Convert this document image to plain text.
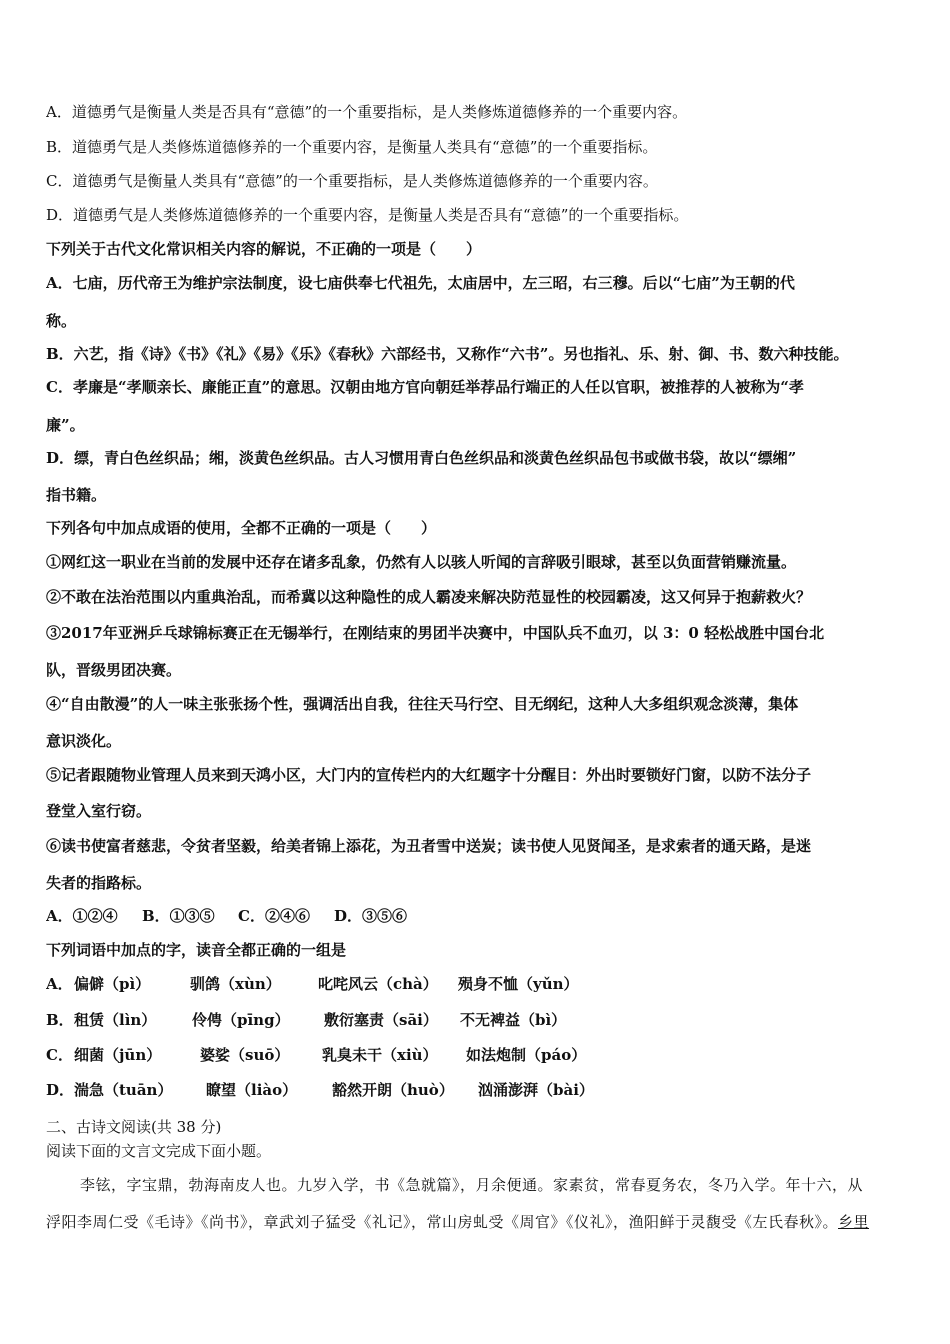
A．道德勇气是衡量人类是否具有“意德”的一个重要指标，是人类修炼道德修养的一个重要内容。
B．道德勇气是人类修炼道德修养的一个重要内容，是衡量人类具有“意德”的一个重要指标。
C．道德勇气是衡量人类具有“意德”的一个重要指标，是人类修炼道德修养的一个重要内容。
D．道德勇气是人类修炼道德修养的一个重要内容，是衡量人类是否具有“意德”的一个重要指标。
下列关于古代文化常识相关内容的解说，不正确的一项是（　　）
A．七庙，历代帝王为维护宗法制度，设七庙供奉七代祖先，太庙居中，左三昭，右三穆。后以“七庙”为王朝的代
称。
B．六艺，指《诗》《书》《礼》《易》《乐》《春秋》六部经书，又称作“六书”。另也指礼、乐、射、御、书、数六种技能。
C．孝廉是“孝顺亲长、廉能正直”的意思。汉朝由地方官向朝廷举荐品行端正的人任以官职，被推荐的人被称为“孝
廉”。
D．缥，青白色丝织品；缃，淡黄色丝织品。古人习惯用青白色丝织品和淡黄色丝织品包书或做书袋，故以“缥缃”
指书籍。
下列各句中加点成语的使用，全都不正确的一项是（　　）
①网红这一职业在当前的发展中还存在诸多乱象，仍然有人以骇人听闻的言辞吸引眼球，甚至以负面营销赚流量。
②不敢在法治范围以内重典治乱，而希冀以这种隐性的成人霸凌来解决防范显性的校园霸凌，这又何异于抱薪救火？
③2017年亚洲乒乓球锦标赛正在无锡举行，在刚结束的男团半决赛中，中国队兵不血刃，以 3：0 轻松战胜中国台北
队，晋级男团决赛。
④“自由散漫”的人一味主张张扬个性，强调活出自我，往往天马行空、目无纲纪，这种人大多组织观念淡薄，集体
意识淡化。
⑤记者跟随物业管理人员来到天鸿小区，大门内的宣传栏内的大红题字十分醒目：外出时要锁好门窗，以防不法分子
登堂入室行窃。
⑥读书使富者慈悲，令贫者坚毅，给美者锦上添花，为丑者雪中送炭；读书使人见贤闻圣，是求索者的通天路，是迷
失者的指路标。
A．①②④	B．①③⑤	C．②④⑥	D．③⑤⑥
下列词语中加点的字，读音全都正确的一组是
A． 偏僻（pì）	驯鸽（xùn）	叱咤风云（chà）	殒身不恤（yǔn）
B． 租赁（lìn）	伶俜（pīng）	敷衍塞责（sāi）	不无裨益（bì）
C． 细菌（jūn）	婆娑（suō）	乳臭未干（xiù）	如法炮制（páo）
D． 湍急（tuān）	瞭望（liào）	豁然开朗（huò）	汹涌澎湃（bài）
二、古诗文阅读(共 38 分)
阅读下面的文言文完成下面小题。
李铉，字宝鼎，勃海南皮人也。九岁入学，书《急就篇》，月余便通。家素贫，常春夏务农，冬乃入学。年十六，从
浮阳李周仁受《毛诗》《尚书》，章武刘子猛受《礼记》，常山房虬受《周官》《仪礼》，渔阳鲜于灵馥受《左氏春秋》。乡里
